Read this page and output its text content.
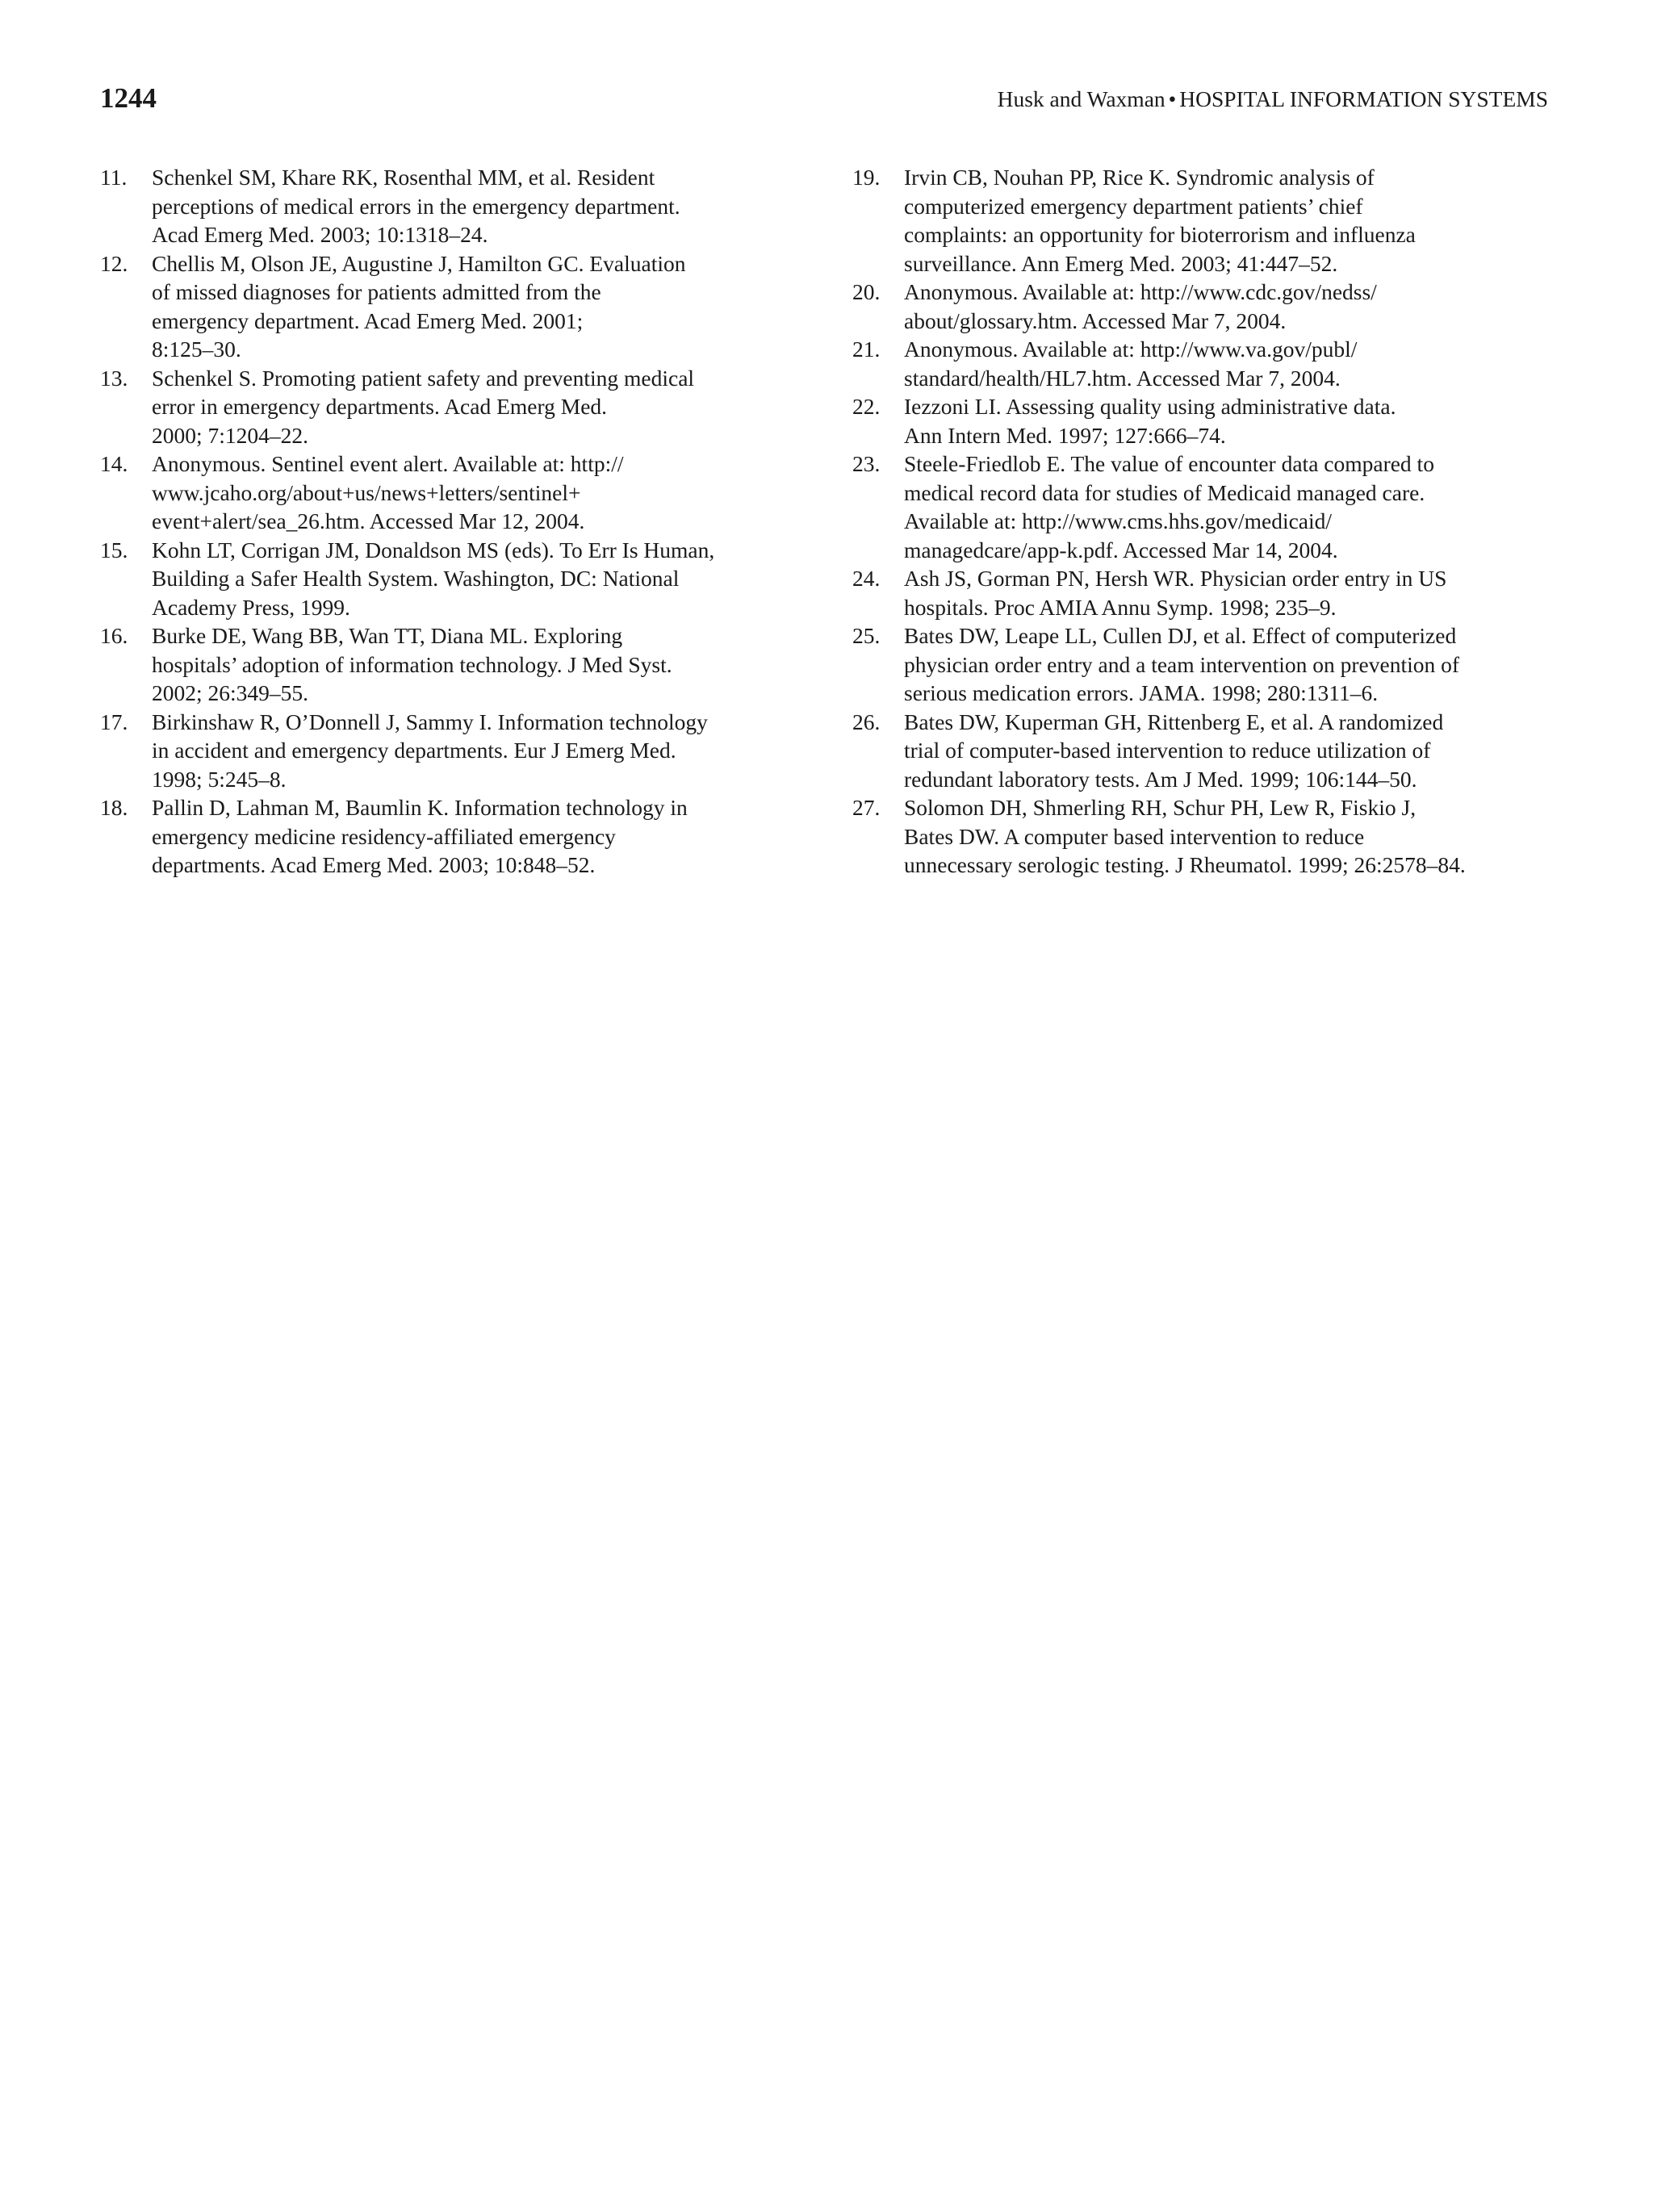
1244	Husk and Waxman • HOSPITAL INFORMATION SYSTEMS
11.	Schenkel SM, Khare RK, Rosenthal MM, et al. Resident
perceptions of medical errors in the emergency department.
Acad Emerg Med. 2003; 10:1318–24.
12.	Chellis M, Olson JE, Augustine J, Hamilton GC. Evaluation
of missed diagnoses for patients admitted from the
emergency department. Acad Emerg Med. 2001;
8:125–30.
13.	Schenkel S. Promoting patient safety and preventing medical
error in emergency departments. Acad Emerg Med.
2000; 7:1204–22.
14.	Anonymous. Sentinel event alert. Available at: http://
www.jcaho.org/about+us/news+letters/sentinel+
event+alert/sea_26.htm. Accessed Mar 12, 2004.
15.	Kohn LT, Corrigan JM, Donaldson MS (eds). To Err Is Human,
Building a Safer Health System. Washington, DC: National
Academy Press, 1999.
16.	Burke DE, Wang BB, Wan TT, Diana ML. Exploring
hospitals’ adoption of information technology. J Med Syst.
2002; 26:349–55.
17.	Birkinshaw R, O’Donnell J, Sammy I. Information technology
in accident and emergency departments. Eur J Emerg Med.
1998; 5:245–8.
18.	Pallin D, Lahman M, Baumlin K. Information technology in
emergency medicine residency-affiliated emergency
departments. Acad Emerg Med. 2003; 10:848–52.
19.	Irvin CB, Nouhan PP, Rice K. Syndromic analysis of
computerized emergency department patients’ chief
complaints: an opportunity for bioterrorism and influenza
surveillance. Ann Emerg Med. 2003; 41:447–52.
20.	Anonymous. Available at: http://www.cdc.gov/nedss/
about/glossary.htm. Accessed Mar 7, 2004.
21.	Anonymous. Available at: http://www.va.gov/publ/
standard/health/HL7.htm. Accessed Mar 7, 2004.
22.	Iezzoni LI. Assessing quality using administrative data.
Ann Intern Med. 1997; 127:666–74.
23.	Steele-Friedlob E. The value of encounter data compared to
medical record data for studies of Medicaid managed care.
Available at: http://www.cms.hhs.gov/medicaid/
managedcare/app-k.pdf. Accessed Mar 14, 2004.
24.	Ash JS, Gorman PN, Hersh WR. Physician order entry in US
hospitals. Proc AMIA Annu Symp. 1998; 235–9.
25.	Bates DW, Leape LL, Cullen DJ, et al. Effect of computerized
physician order entry and a team intervention on prevention of
serious medication errors. JAMA. 1998; 280:1311–6.
26.	Bates DW, Kuperman GH, Rittenberg E, et al. A randomized
trial of computer-based intervention to reduce utilization of
redundant laboratory tests. Am J Med. 1999; 106:144–50.
27.	Solomon DH, Shmerling RH, Schur PH, Lew R, Fiskio J,
Bates DW. A computer based intervention to reduce
unnecessary serologic testing. J Rheumatol. 1999; 26:2578–84.
